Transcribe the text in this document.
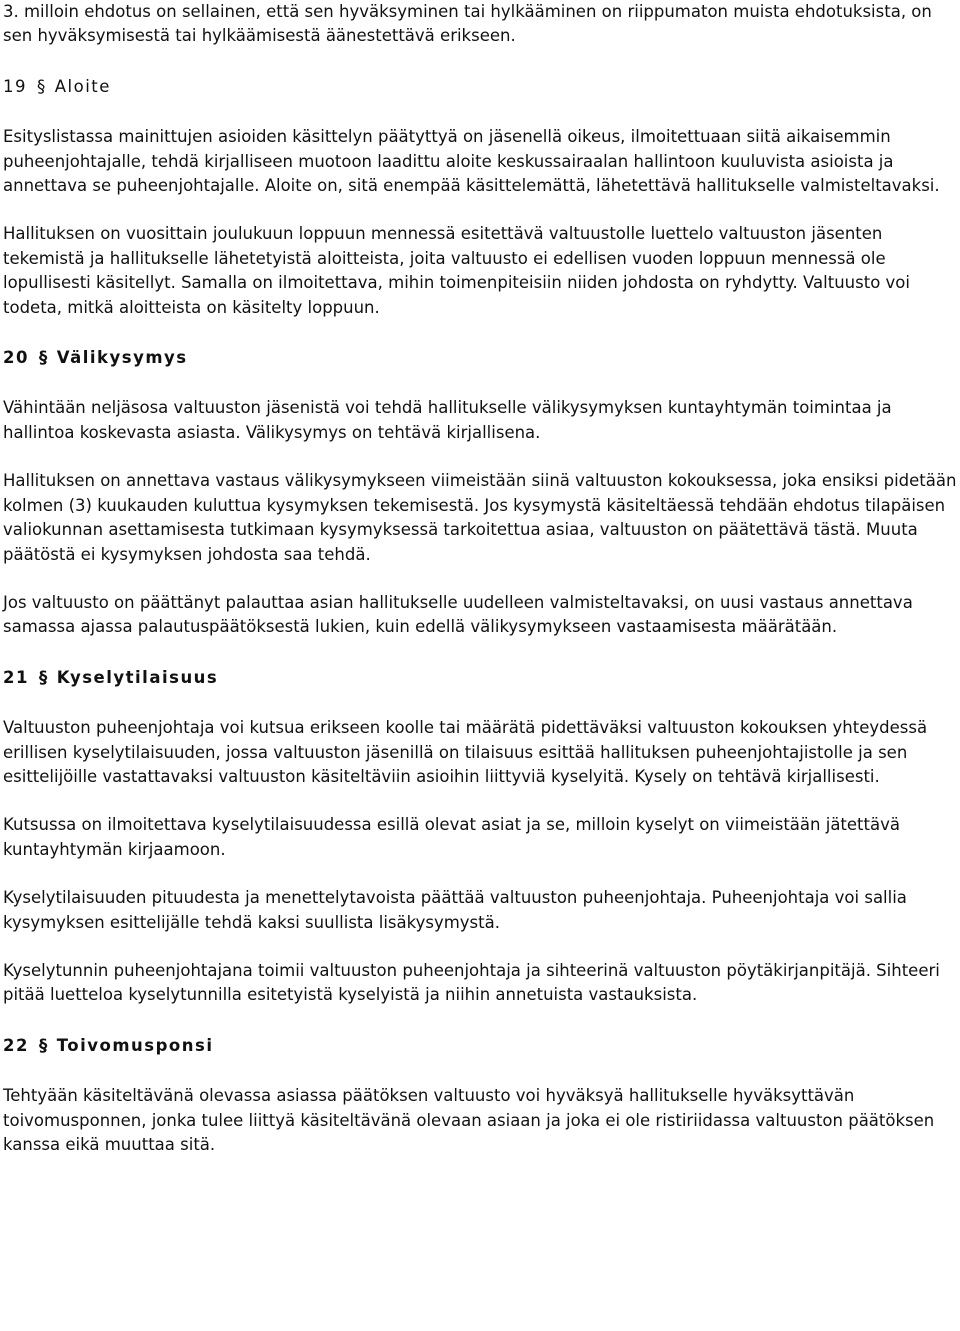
3. milloin ehdotus on sellainen, että sen hyväksyminen tai hylkääminen on riippumaton muista ehdotuksista, on sen hyväksymisestä tai hylkäämisestä äänestettävä erikseen.

19 § Aloite

Esityslistassa mainittujen asioiden käsittelyn päätyttyä on jäsenellä oikeus, ilmoitettuaan siitä aikaisemmin puheenjohtajalle, tehdä kirjalliseen muotoon laadittu aloite keskussairaalan hallintoon kuuluvista asioista ja annettava se puheenjohtajalle. Aloite on, sitä enempää käsittelemättä, lähetettävä hallitukselle valmisteltavaksi.

Hallituksen on vuosittain joulukuun loppuun mennessä esitettävä valtuustolle luettelo valtuuston jäsenten tekemistä ja hallitukselle lähetetyistä aloitteista, joita valtuusto ei edellisen vuoden loppuun mennessä ole lopullisesti käsitellyt. Samalla on ilmoitettava, mihin toimenpiteisiin niiden johdosta on ryhdytty. Valtuusto voi todeta, mitkä aloitteista on käsitelty loppuun.

20 § Välikysymys

Vähintään neljäsosa valtuuston jäsenistä voi tehdä hallitukselle välikysymyksen kuntayhtymän toimintaa ja hallintoa koskevasta asiasta. Välikysymys on tehtävä kirjallisena.

Hallituksen on annettava vastaus välikysymykseen viimeistään siinä valtuuston kokouksessa, joka ensiksi pidetään kolmen (3) kuukauden kuluttua kysymyksen tekemisestä. Jos kysymystä käsiteltäessä tehdään ehdotus tilapäisen valiokunnan asettamisesta tutkimaan kysymyksessä tarkoitettua asiaa, valtuuston on päätettävä tästä. Muuta päätöstä ei kysymyksen johdosta saa tehdä.

Jos valtuusto on päättänyt palauttaa asian hallitukselle uudelleen valmisteltavaksi, on uusi vastaus annettava samassa ajassa palautuspäätöksestä lukien, kuin edellä välikysymykseen vastaamisesta määrätään.

21 § Kyselytilaisuus

Valtuuston puheenjohtaja voi kutsua erikseen koolle tai määrätä pidettäväksi valtuuston kokouksen yhteydessä erillisen kyselytilaisuuden, jossa valtuuston jäsenillä on tilaisuus esittää hallituksen puheenjohtajistolle ja sen esittelijöille vastattavaksi valtuuston käsiteltäviin asioihin liittyviä kyselyitä. Kysely on tehtävä kirjallisesti.

Kutsussa on ilmoitettava kyselytilaisuudessa esillä olevat asiat ja se, milloin kyselyt on viimeistään jätettävä kuntayhtymän kirjaamoon.

Kyselytilaisuuden pituudesta ja menettelytavoista päättää valtuuston puheenjohtaja. Puheenjohtaja voi sallia kysymyksen esittelijälle tehdä kaksi suullista lisäkysymystä.

Kyselytunnin puheenjohtajana toimii valtuuston puheenjohtaja ja sihteerinä valtuuston pöytäkirjanpitäjä. Sihteeri pitää luetteloa kyselytunnilla esitetyistä kyselyistä ja niihin annetuista vastauksista.

22 § Toivomusponsi

Tehtyään käsiteltävänä olevassa asiassa päätöksen valtuusto voi hyväksyä hallitukselle hyväksyttävän toivomusponnen, jonka tulee liittyä käsiteltävänä olevaan asiaan ja joka ei ole ristiriidassa valtuuston päätöksen kanssa eikä muuttaa sitä.
